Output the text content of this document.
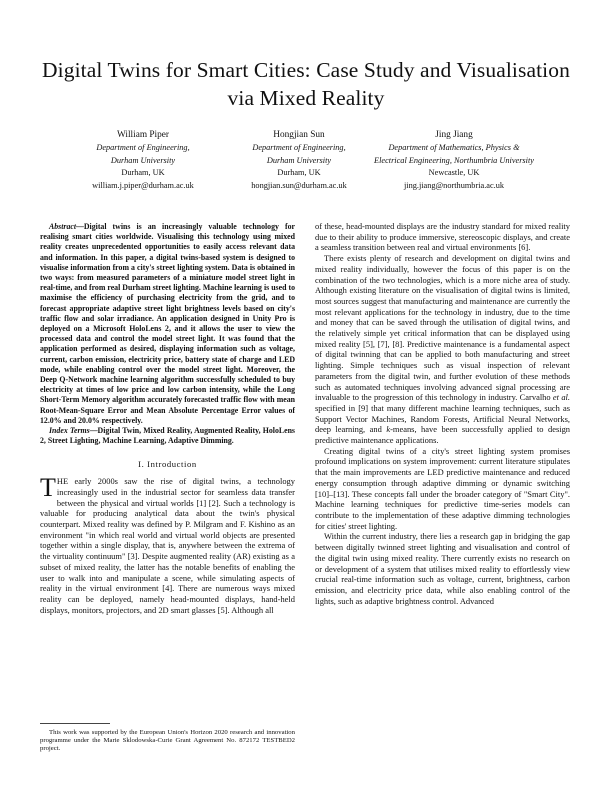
Digital Twins for Smart Cities: Case Study and Visualisation via Mixed Reality
William Piper
Department of Engineering,
Durham University
Durham, UK
william.j.piper@durham.ac.uk
Hongjian Sun
Department of Engineering,
Durham University
Durham, UK
hongjian.sun@durham.ac.uk
Jing Jiang
Department of Mathematics, Physics &
Electrical Engineering, Northumbria University
Newcastle, UK
jing.jiang@northumbria.ac.uk

Abstract—Digital twins is an increasingly valuable technology for realising smart cities worldwide. Visualising this technology using mixed reality creates unprecedented opportunities to easily access relevant data and information. In this paper, a digital twins-based system is designed to visualise information from a city's street lighting system. Data is obtained in two ways: from measured parameters of a miniature model street light in real-time, and from real Durham street lighting. Machine learning is used to maximise the efficiency of purchasing electricity from the grid, and to forecast appropriate adaptive street light brightness levels based on city's traffic flow and solar irradiance. An application designed in Unity Pro is deployed on a Microsoft HoloLens 2, and it allows the user to view the processed data and control the model street light. It was found that the application performed as desired, displaying information such as voltage, current, carbon emission, electricity price, battery state of charge and LED mode, while enabling control over the model street light. Moreover, the Deep Q-Network machine learning algorithm successfully scheduled to buy electricity at times of low price and low carbon intensity, while the Long Short-Term Memory algorithm accurately forecasted traffic flow with mean Root-Mean-Square Error and Mean Absolute Percentage Error values of 12.0% and 20.0% respectively.

Index Terms—Digital Twin, Mixed Reality, Augmented Reality, HoloLens 2, Street Lighting, Machine Learning, Adaptive Dimming.

I. Introduction

THE early 2000s saw the rise of digital twins, a technology increasingly used in the industrial sector for seamless data transfer between the physical and virtual worlds [1] [2]. Such a technology is valuable for producing analytical data about the twin's physical counterpart. Mixed reality was defined by P. Milgram and F. Kishino as an environment "in which real world and virtual world objects are presented together within a single display, that is, anywhere between the extrema of the virtuality continuum" [3]. Despite augmented reality (AR) existing as a subset of mixed reality, the latter has the notable benefits of enabling the user to walk into and manipulate a scene, while simulating aspects of reality in the virtual environment [4]. There are numerous ways mixed reality can be deployed, namely head-mounted displays, hand-held displays, monitors, projectors, and 2D smart glasses [5]. Although all

This work was supported by the European Union's Horizon 2020 research and innovation programme under the Marie Sklodowska-Curie Grant Agreement No. 872172 TESTBED2 project.

of these, head-mounted displays are the industry standard for mixed reality due to their ability to produce immersive, stereoscopic displays, and create a seamless transition between real and virtual environments [6].

There exists plenty of research and development on digital twins and mixed reality individually, however the focus of this paper is on the combination of the two technologies, which is a more niche area of study. Although existing literature on the visualisation of digital twins is limited, most sources suggest that manufacturing and maintenance are currently the most relevant applications for the technology in industry, due to the time and money that can be saved through the utilisation of digital twins, and the relatively simple yet critical information that can be displayed using mixed reality [5], [7], [8]. Predictive maintenance is a fundamental aspect of digital twinning that can be applied to both manufacturing and street lighting. Simple techniques such as visual inspection of relevant parameters from the digital twin, and further evolution of these methods such as automated techniques involving advanced signal processing are invaluable to the progression of this technology in industry. Carvalho et al. specified in [9] that many different machine learning techniques, such as Support Vector Machines, Random Forests, Artificial Neural Networks, deep learning, and k-means, have been successfully applied to design predictive maintenance applications.

Creating digital twins of a city's street lighting system promises profound implications on system improvement: current literature stipulates that the main improvements are LED predictive maintenance and reduced energy consumption through adaptive dimming or dynamic switching [10]–[13]. These concepts fall under the broader category of "Smart City". Machine learning techniques for predictive time-series models can contribute to the implementation of these adaptive dimming technologies for cities' street lighting.

Within the current industry, there lies a research gap in bridging the gap between digitally twinned street lighting and visualisation and control of the digital twin using mixed reality. There currently exists no research on or development of a system that utilises mixed reality to effortlessly view crucial real-time information such as voltage, current, brightness, carbon emission, and electricity price data, while also enabling control of the lights, such as adaptive brightness control. Advanced
